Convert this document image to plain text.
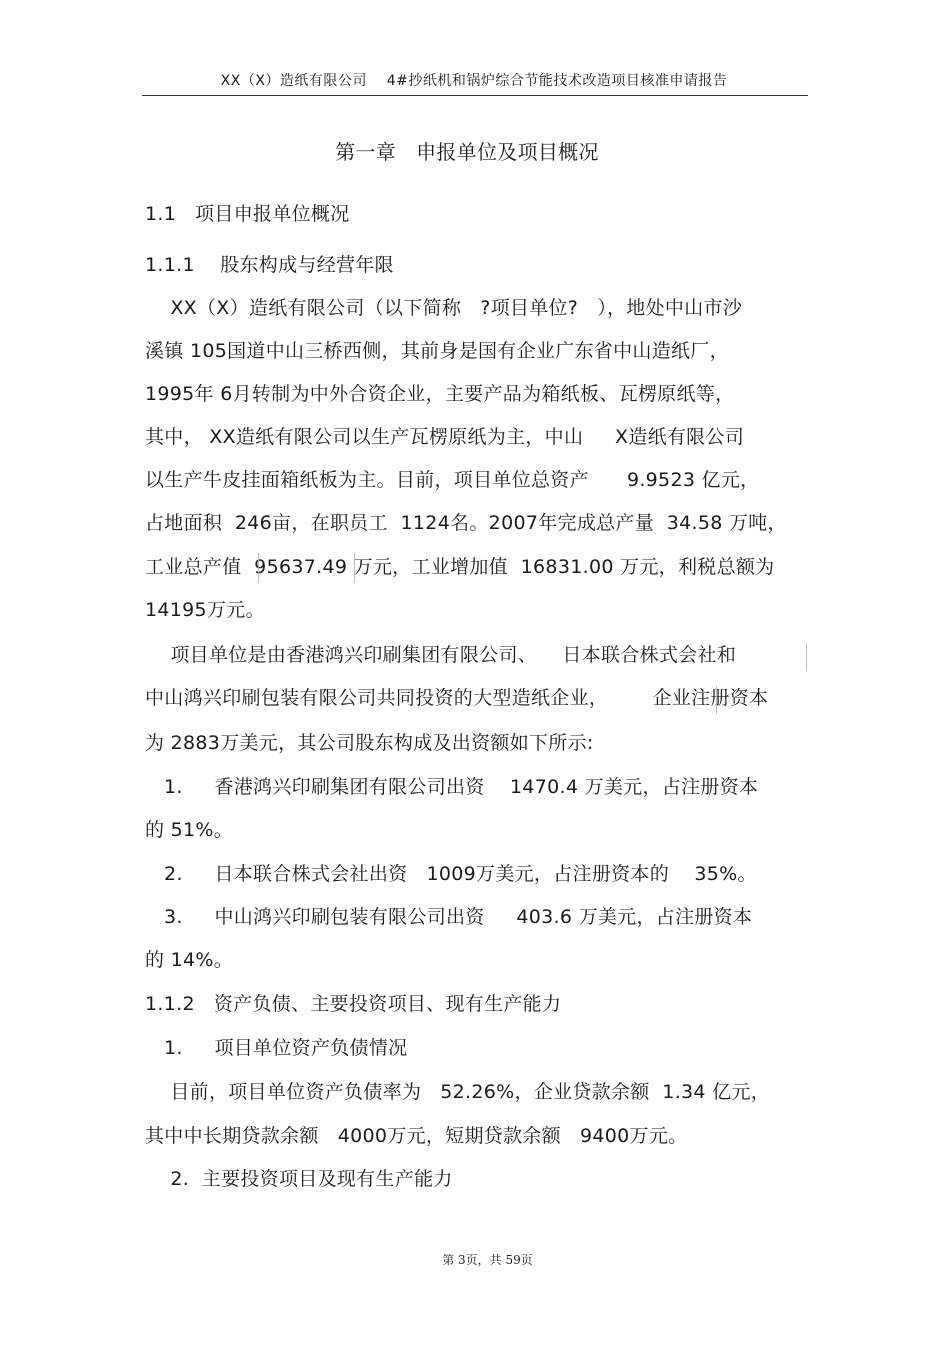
XX（X）造纸有限公司    4#抄纸机和锅炉综合节能技术改造项目核准申请报告
第一章   申报单位及项目概况
1.1   项目申报单位概况
1.1.1    股东构成与经营年限
XX（X）造纸有限公司（以下简称   ?项目单位?   ），地处中山市沙
溪镇 105国道中山三桥西侧，其前身是国有企业广东省中山造纸厂，
1995年 6月转制为中外合资企业，主要产品为箱纸板、瓦楞原纸等，
其中， XX造纸有限公司以生产瓦楞原纸为主，中山     X造纸有限公司
以生产牛皮挂面箱纸板为主。目前，项目单位总资产      9.9523 亿元，
占地面积  246亩，在职员工  1124名。2007年完成总产量  34.58 万吨，
工业总产值  95637.49 万元，工业增加值  16831.00 万元，利税总额为
14195万元。
项目单位是由香港鸿兴印刷集团有限公司、    日本联合株式会社和
中山鸿兴印刷包装有限公司共同投资的大型造纸企业，       企业注册资本
为 2883万美元，其公司股东构成及出资额如下所示:
1.     香港鸿兴印刷集团有限公司出资    1470.4 万美元，占注册资本
的 51%。
2.     日本联合株式会社出资   1009万美元，占注册资本的    35%。
3.     中山鸿兴印刷包装有限公司出资     403.6 万美元，占注册资本
的 14%。
1.1.2   资产负债、主要投资项目、现有生产能力
1.     项目单位资产负债情况
目前，项目单位资产负债率为   52.26%，企业贷款余额  1.34 亿元，
其中中长期贷款余额   4000万元，短期贷款余额   9400万元。
2.  主要投资项目及现有生产能力
第 3页，共 59页
